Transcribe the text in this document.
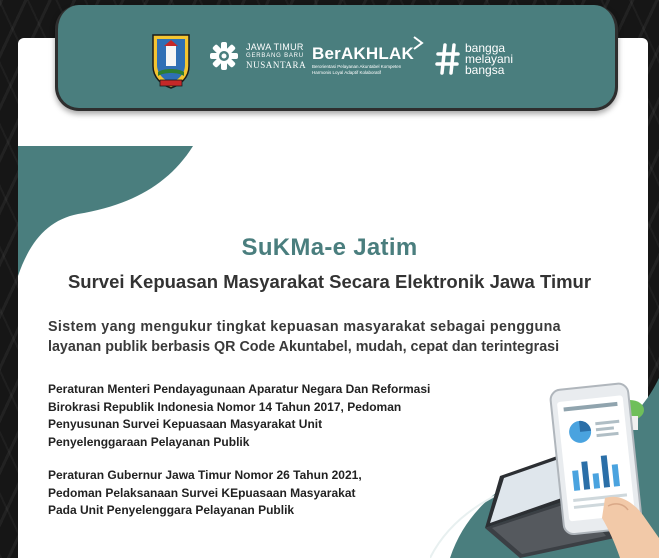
JAWA TIMUR
GERBANG BARU
NUSANTARA
BerAKHLAK
Berorientasi Pelayanan Akuntabel Kompeten
Harmonis Loyal Adaptif Kolaboratif
bangga
melayani
bangsa
SuKMa-e Jatim
Survei Kepuasan Masyarakat Secara Elektronik Jawa Timur
Sistem yang mengukur tingkat kepuasan masyarakat sebagai pengguna
layanan publik berbasis QR Code Akuntabel, mudah, cepat dan terintegrasi
Peraturan Menteri Pendayagunaan Aparatur Negara Dan Reformasi
Birokrasi Republik Indonesia Nomor 14 Tahun 2017, Pedoman
Penyusunan Survei Kepuasaan Masyarakat Unit
Penyelenggaraan Pelayanan Publik
Peraturan Gubernur Jawa Timur Nomor 26 Tahun 2021,
Pedoman Pelaksanaan Survei KEpuasaan Masyarakat
Pada Unit Penyelenggara Pelayanan Publik
